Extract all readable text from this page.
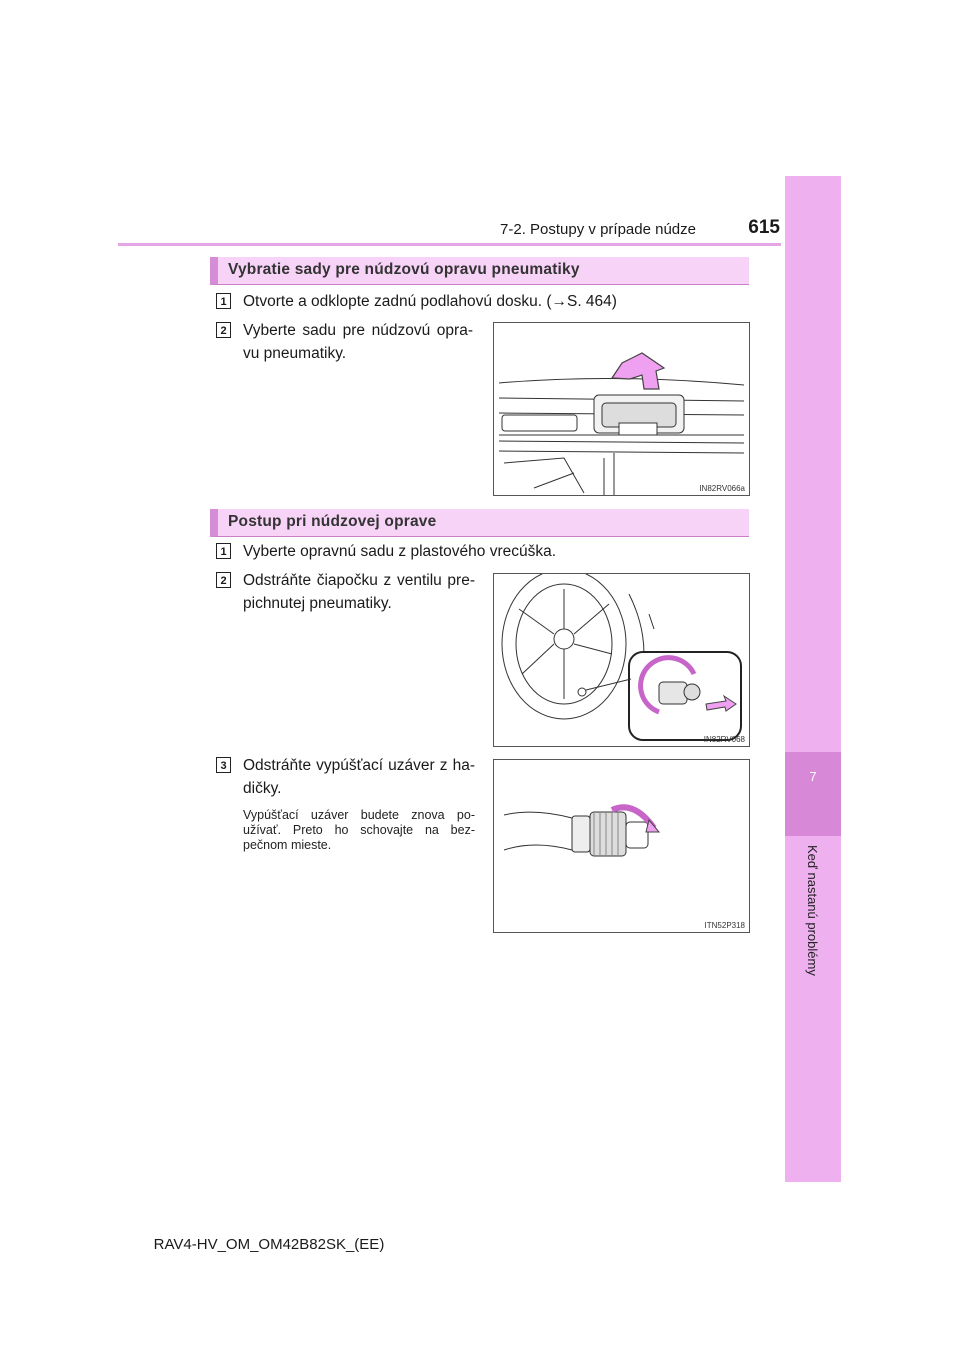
7
Keď nastanú problémy
7-2. Postupy v prípade núdze	615
Vybratie sady pre núdzovú opravu pneumatiky
1 Otvorte a odklopte zadnú podlahovú dosku. (→S. 464)
2 Vyberte sadu pre núdzovú opra-vu pneumatiky.
IN82RV066a
Postup pri núdzovej oprave
1 Vyberte opravnú sadu z plastového vrecúška.
2 Odstráňte čiapočku z ventilu pre-pichnutej pneumatiky.
IN82RV068
3 Odstráňte vypúšťací uzáver z ha-dičky.
Vypúšťací uzáver budete znova po-užívať. Preto ho schovajte na bez-pečnom mieste.
ITN52P318
RAV4-HV_OM_OM42B82SK_(EE)
